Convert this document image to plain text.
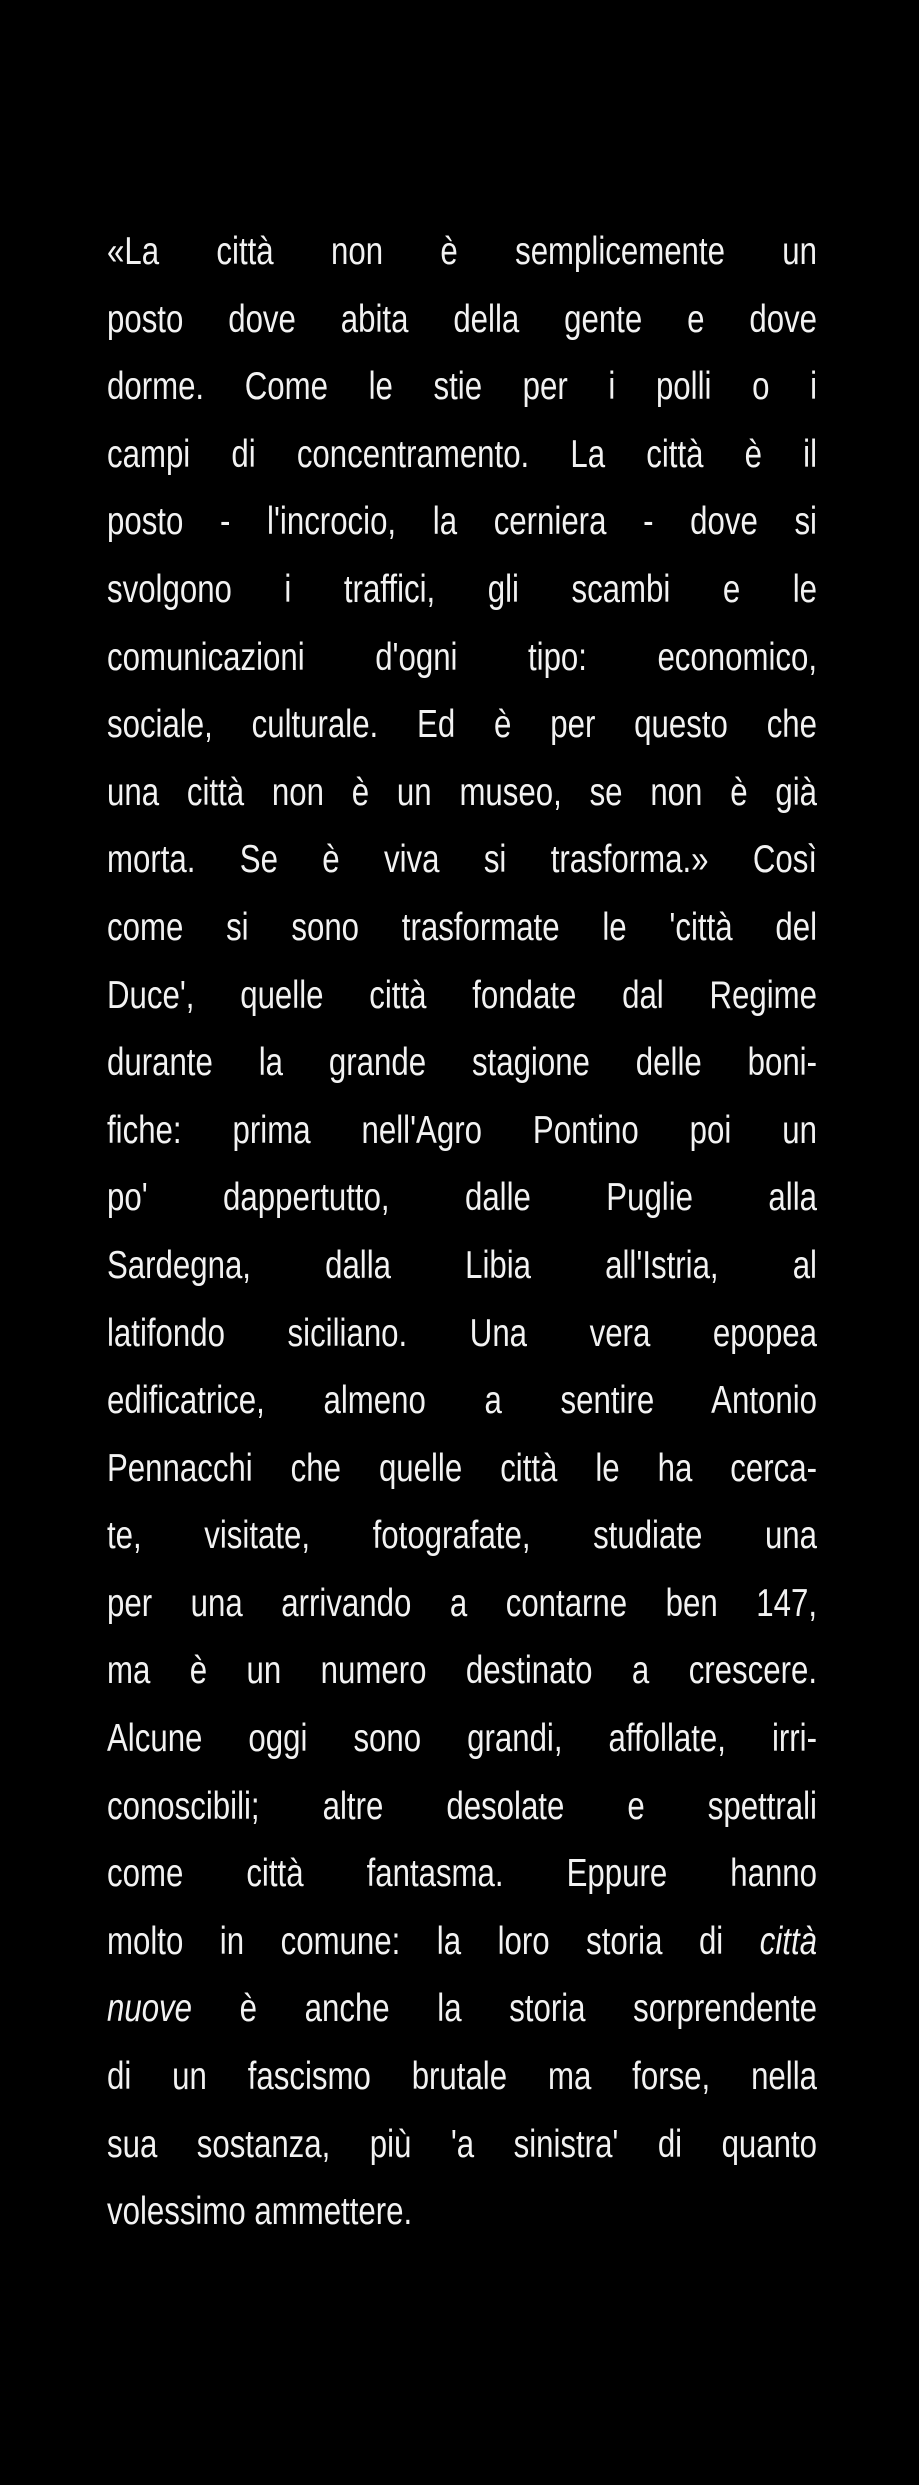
«La città non è semplicemente un
posto dove abita della gente e dove
dorme. Come le stie per i polli o i
campi di concentramento. La città è il
posto - l'incrocio, la cerniera - dove si
svolgono i traffici, gli scambi e le
comunicazioni d'ogni tipo: economico,
sociale, culturale. Ed è per questo che
una città non è un museo, se non è già
morta. Se è viva si trasforma.» Così
come si sono trasformate le 'città del
Duce', quelle città fondate dal Regime
durante la grande stagione delle boni-
fiche: prima nell'Agro Pontino poi un
po' dappertutto, dalle Puglie alla
Sardegna, dalla Libia all'Istria, al
latifondo siciliano. Una vera epopea
edificatrice, almeno a sentire Antonio
Pennacchi che quelle città le ha cerca-
te, visitate, fotografate, studiate una
per una arrivando a contarne ben 147,
ma è un numero destinato a crescere.
Alcune oggi sono grandi, affollate, irri-
conoscibili; altre desolate e spettrali
come città fantasma. Eppure hanno
molto in comune: la loro storia di città
nuove è anche la storia sorprendente
di un fascismo brutale ma forse, nella
sua sostanza, più 'a sinistra' di quanto
volessimo ammettere.
